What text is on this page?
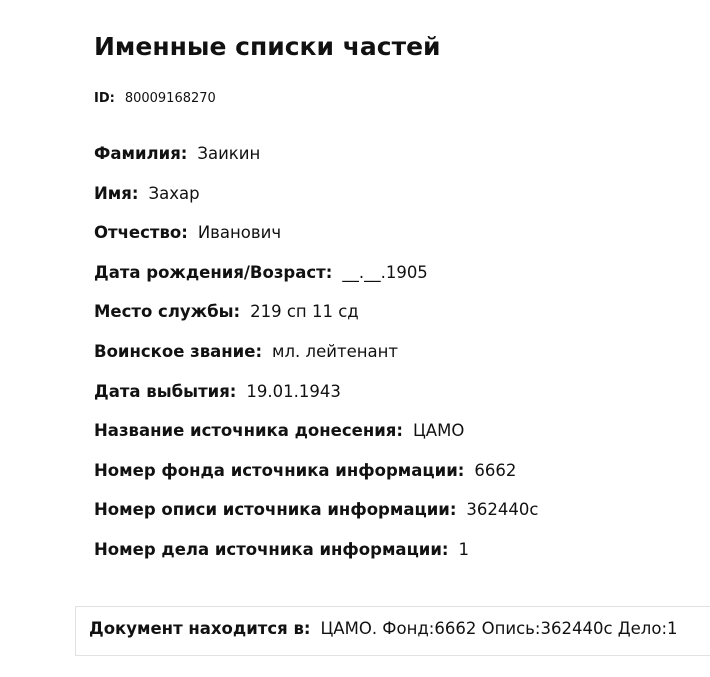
Именные списки частей
ID: 80009168270
Фамилия: Заикин
Имя: Захар
Отчество: Иванович
Дата рождения/Возраст: __.__.1905
Место службы: 219 сп 11 сд
Воинское звание: мл. лейтенант
Дата выбытия: 19.01.1943
Название источника донесения: ЦАМО
Номер фонда источника информации: 6662
Номер описи источника информации: 362440с
Номер дела источника информации: 1
Документ находится в: ЦАМО. Фонд:6662 Опись:362440с Дело:1
